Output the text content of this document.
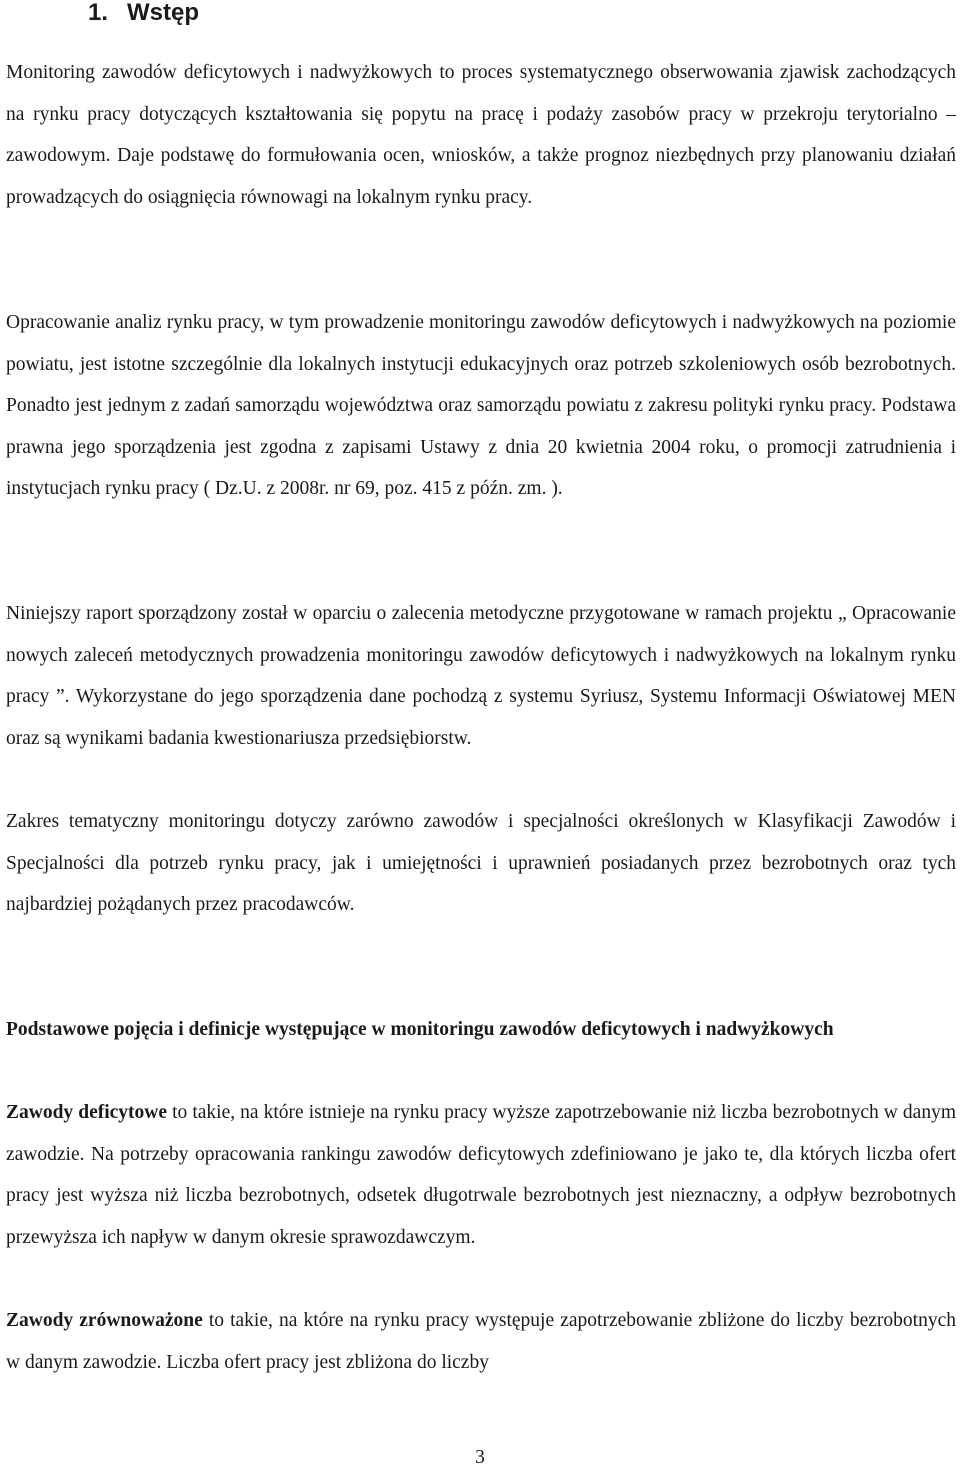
1. Wstęp

Monitoring zawodów deficytowych i nadwyżkowych to proces systematycznego obserwowania zjawisk zachodzących na rynku pracy dotyczących kształtowania się popytu na pracę i podaży zasobów pracy w przekroju terytorialno – zawodowym. Daje podstawę do formułowania ocen, wniosków, a także prognoz niezbędnych przy planowaniu działań prowadzących do osiągnięcia równowagi na lokalnym rynku pracy.

Opracowanie analiz rynku pracy, w tym prowadzenie monitoringu zawodów deficytowych i nadwyżkowych na poziomie powiatu, jest istotne szczególnie dla lokalnych instytucji edukacyjnych oraz potrzeb szkoleniowych osób bezrobotnych. Ponadto jest jednym z zadań samorządu województwa oraz samorządu powiatu z zakresu polityki rynku pracy. Podstawa prawna jego sporządzenia jest zgodna z zapisami Ustawy z dnia 20 kwietnia 2004 roku, o promocji zatrudnienia i instytucjach rynku pracy ( Dz.U. z 2008r. nr 69, poz. 415 z późn. zm. ).

Niniejszy raport sporządzony został w oparciu o zalecenia metodyczne przygotowane w ramach projektu „ Opracowanie nowych zaleceń metodycznych prowadzenia monitoringu zawodów deficytowych i nadwyżkowych na lokalnym rynku pracy ”. Wykorzystane do jego sporządzenia dane pochodzą z systemu Syriusz, Systemu Informacji Oświatowej MEN oraz są wynikami badania kwestionariusza przedsiębiorstw.

Zakres tematyczny monitoringu dotyczy zarówno zawodów i specjalności określonych w Klasyfikacji Zawodów i Specjalności dla potrzeb rynku pracy, jak i umiejętności i uprawnień posiadanych przez bezrobotnych oraz tych najbardziej pożądanych przez pracodawców.

Podstawowe pojęcia i definicje występujące w monitoringu zawodów deficytowych i nadwyżkowych

Zawody deficytowe to takie, na które istnieje na rynku pracy wyższe zapotrzebowanie niż liczba bezrobotnych w danym zawodzie. Na potrzeby opracowania rankingu zawodów deficytowych zdefiniowano je jako te, dla których liczba ofert pracy jest wyższa niż liczba bezrobotnych, odsetek długotrwale bezrobotnych jest nieznaczny, a odpływ bezrobotnych przewyższa ich napływ w danym okresie sprawozdawczym.

Zawody zrównoważone to takie, na które na rynku pracy występuje zapotrzebowanie zbliżone do liczby bezrobotnych w danym zawodzie. Liczba ofert pracy jest zbliżona do liczby

3
